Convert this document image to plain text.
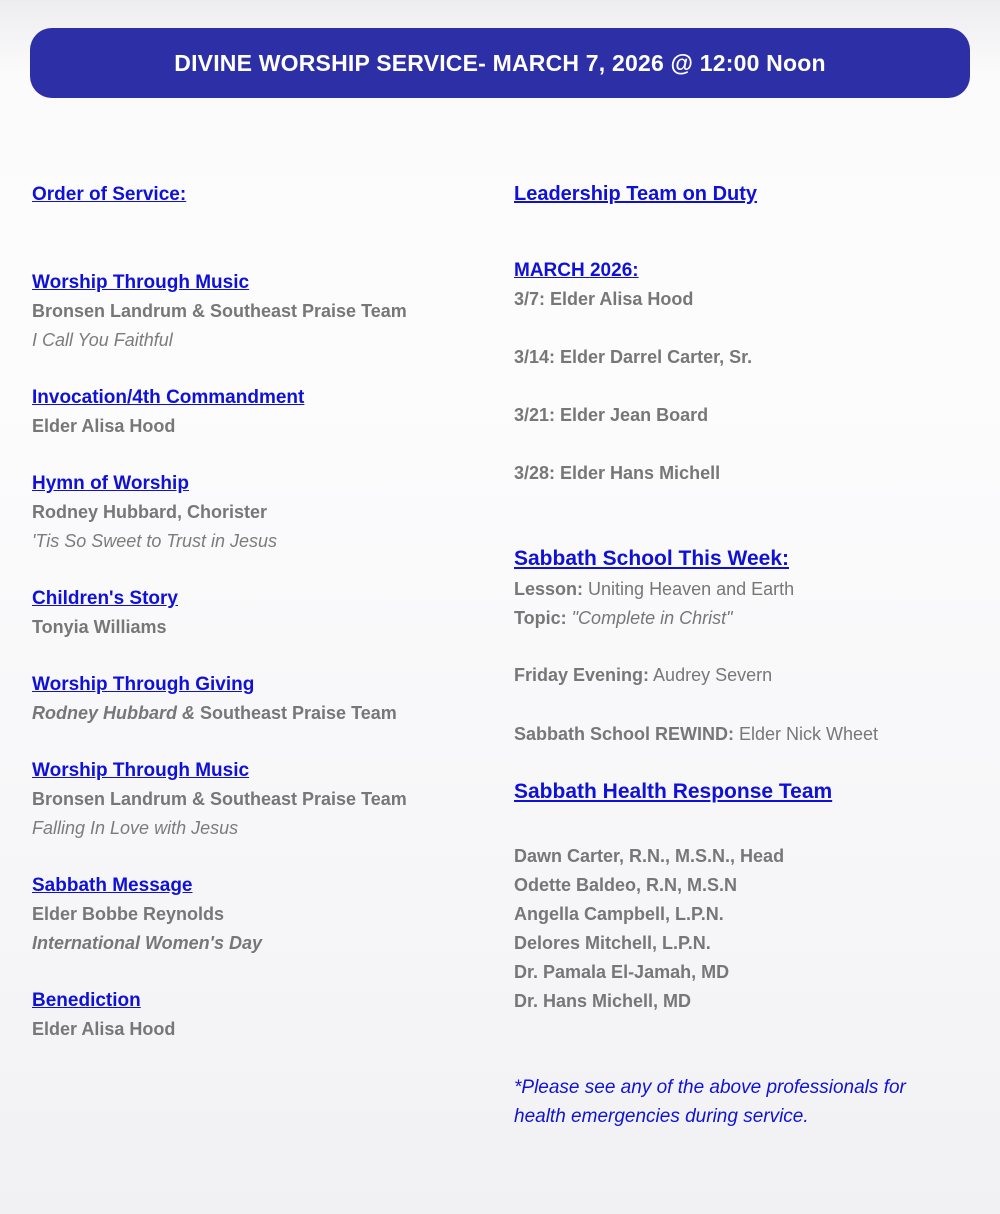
DIVINE WORSHIP SERVICE- MARCH 7, 2026 @ 12:00 Noon
Order of Service:
Worship Through Music
Bronsen Landrum & Southeast Praise Team
I Call You Faithful
Invocation/4th Commandment
Elder Alisa Hood
Hymn of Worship
Rodney Hubbard, Chorister
'Tis So Sweet to Trust in Jesus
Children's Story
Tonyia Williams
Worship Through Giving
Rodney Hubbard & Southeast Praise Team
Worship Through Music
Bronsen Landrum & Southeast Praise Team
Falling In Love with Jesus
Sabbath Message
Elder Bobbe Reynolds
International Women's Day
Benediction
Elder Alisa Hood
Leadership Team on Duty
MARCH 2026:
3/7: Elder Alisa Hood
3/14: Elder Darrel Carter, Sr.
3/21: Elder Jean Board
3/28: Elder Hans Michell
Sabbath School This Week:
Lesson: Uniting Heaven and Earth
Topic: "Complete in Christ"
Friday Evening: Audrey Severn
Sabbath School REWIND: Elder Nick Wheet
Sabbath Health Response Team
Dawn Carter, R.N., M.S.N., Head
Odette Baldeo, R.N, M.S.N
Angella Campbell, L.P.N.
Delores Mitchell, L.P.N.
Dr. Pamala El-Jamah, MD
Dr. Hans Michell, MD
*Please see any of the above professionals for health emergencies during service.
